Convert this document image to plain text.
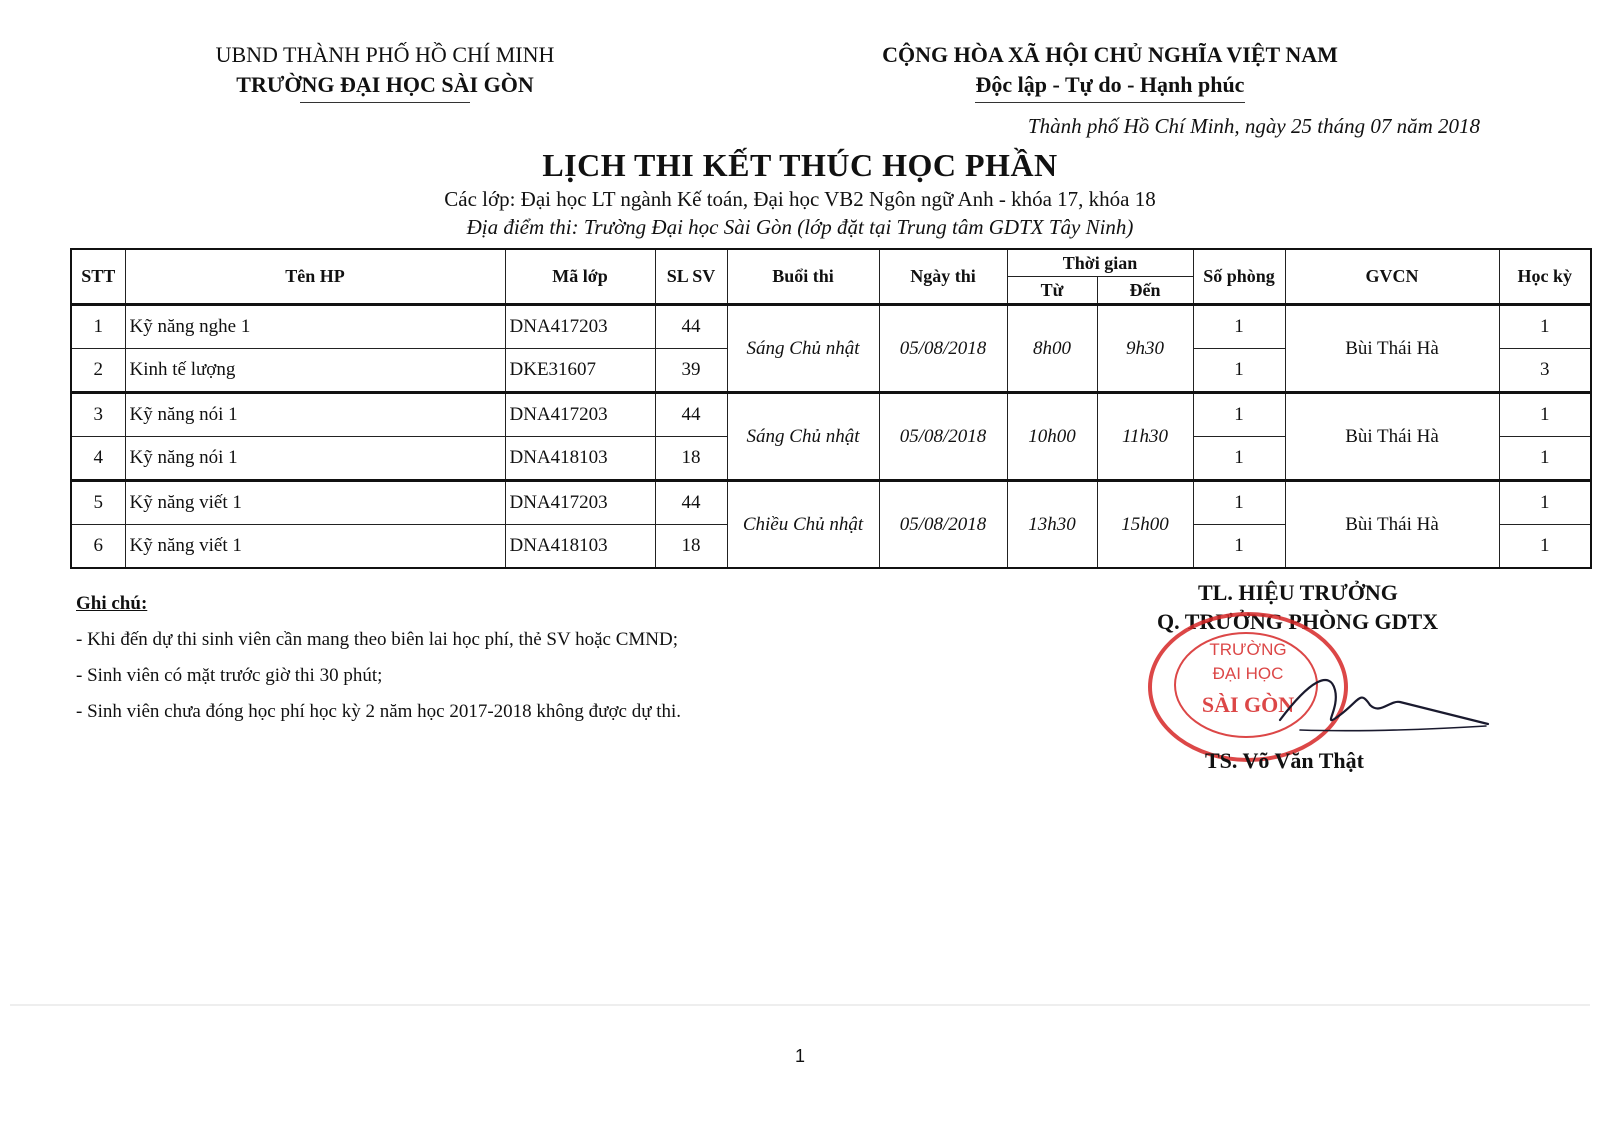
UBND THÀNH PHỐ HỒ CHÍ MINH
TRƯỜNG ĐẠI HỌC SÀI GÒN
CỘNG HÒA XÃ HỘI CHỦ NGHĨA VIỆT NAM
Độc lập - Tự do - Hạnh phúc
Thành phố Hồ Chí Minh, ngày 25 tháng 07 năm 2018
LỊCH THI KẾT THÚC HỌC PHẦN
Các lớp: Đại học LT ngành Kế toán, Đại học VB2 Ngôn ngữ Anh - khóa 17, khóa 18
Địa điểm thi: Trường Đại học Sài Gòn (lớp đặt tại Trung tâm GDTX Tây Ninh)
STT	Tên HP	Mã lớp	SL SV	Buổi thi	Ngày thi	Thời gian		Số phòng	GVCN	Học kỳ
						Từ	Đến			
1	Kỹ năng nghe 1	DNA417203	44	Sáng Chủ nhật	05/08/2018	8h00	9h30	1	Bùi Thái Hà	1
2	Kinh tế lượng	DKE31607	39					1		3
3	Kỹ năng nói 1	DNA417203	44	Sáng Chủ nhật	05/08/2018	10h00	11h30	1	Bùi Thái Hà	1
4	Kỹ năng nói 1	DNA418103	18					1		1
5	Kỹ năng viết 1	DNA417203	44	Chiều Chủ nhật	05/08/2018	13h30	15h00	1	Bùi Thái Hà	1
6	Kỹ năng viết 1	DNA418103	18					1		1
Ghi chú:
- Khi đến dự thi sinh viên cần mang theo biên lai học phí, thẻ SV hoặc CMND;
- Sinh viên có mặt trước giờ thi 30 phút;
- Sinh viên chưa đóng học phí học kỳ 2 năm học 2017-2018 không được dự thi.
TL. HIỆU TRƯỞNG
Q. TRƯỞNG PHÒNG GDTX
TRƯỜNG
ĐẠI HỌC
SÀI GÒN
TS. Võ Văn Thật
1
